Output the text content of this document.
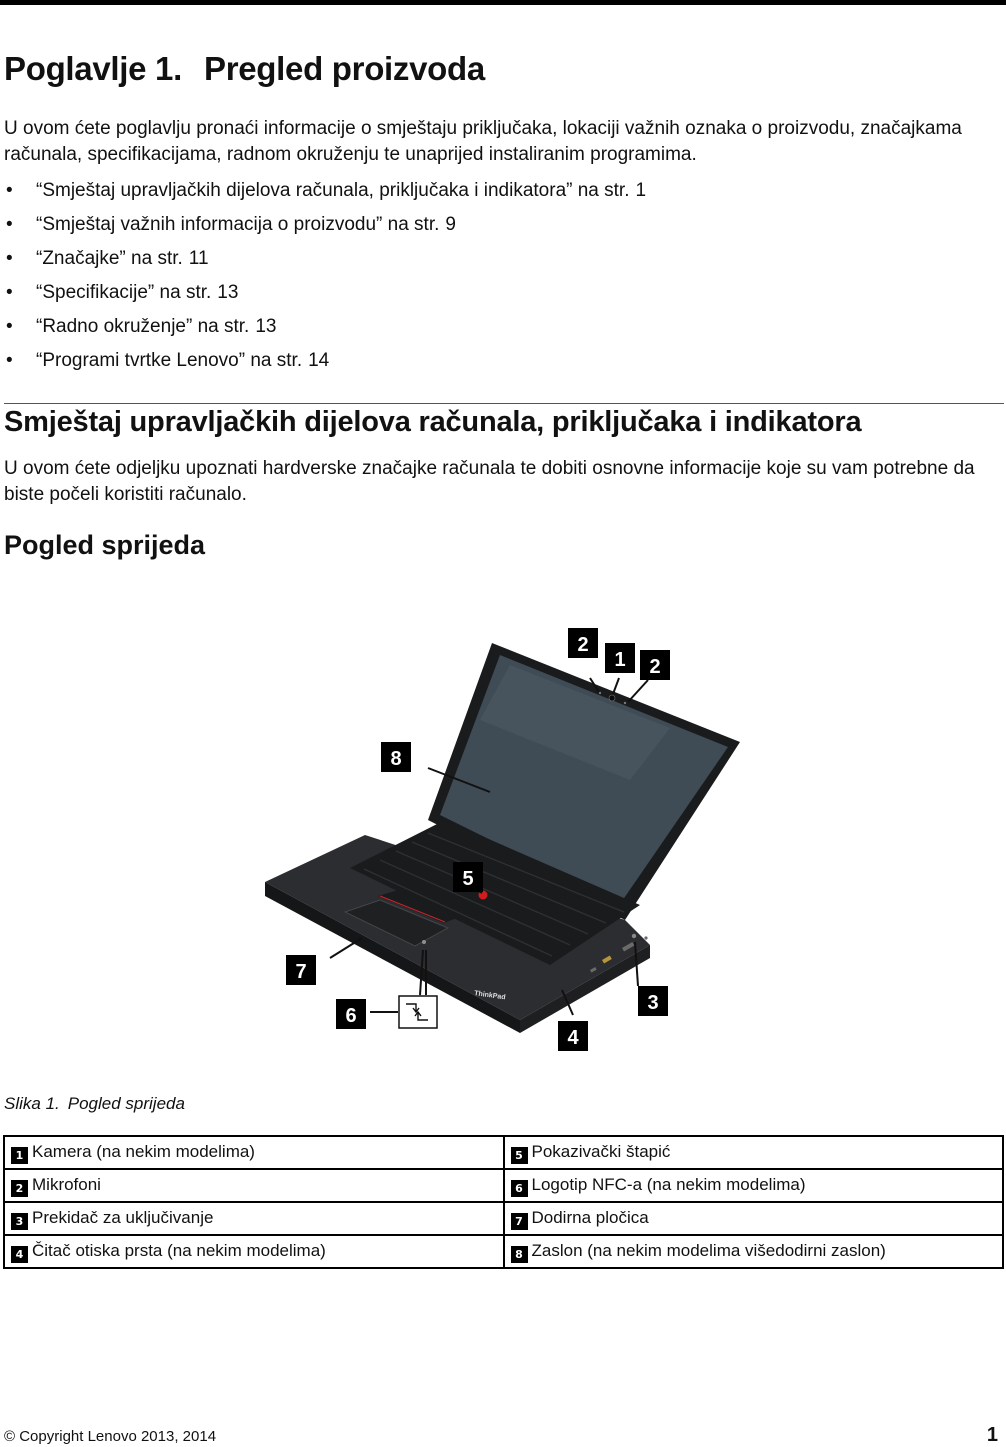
Poglavlje 1. Pregled proizvoda

U ovom ćete poglavlju pronaći informacije o smještaju priključaka, lokaciji važnih oznaka o proizvodu, značajkama računala, specifikacijama, radnom okruženju te unaprijed instaliranim programima.

• “Smještaj upravljačkih dijelova računala, priključaka i indikatora” na str. 1
• “Smještaj važnih informacija o proizvodu” na str. 9
• “Značajke” na str. 11
• “Specifikacije” na str. 13
• “Radno okruženje” na str. 13
• “Programi tvrtke Lenovo” na str. 14
Smještaj upravljačkih dijelova računala, priključaka i indikatora

U ovom ćete odjeljku upoznati hardverske značajke računala te dobiti osnovne informacije koje su vam potrebne da biste počeli koristiti računalo.

Pogled sprijeda
ThinkPad
2
1 2
8
5
7
6
4
3
Slika 1. Pogled sprijeda
1 Kamera (na nekim modelima)	5 Pokazivački štapić
2 Mikrofoni	6 Logotip NFC-a (na nekim modelima)
3 Prekidač za uključivanje	7 Dodirna pločica
4 Čitač otiska prsta (na nekim modelima)	8 Zaslon (na nekim modelima višedodirni zaslon)
© Copyright Lenovo 2013, 2014	1
